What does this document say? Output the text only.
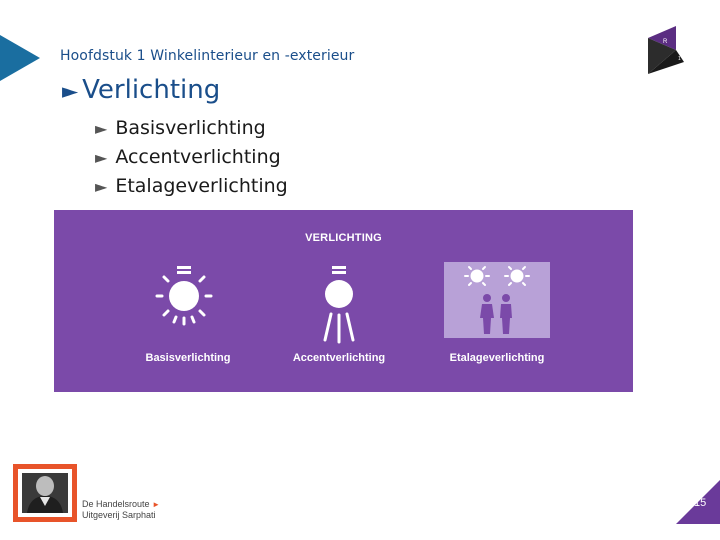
Hoofdstuk 1 Winkelinterieur en -exterieur
R
1
► Verlichting
► Basisverlichting
► Accentverlichting
► Etalageverlichting
VERLICHTING
Basisverlichting	Accentverlichting	Etalageverlichting
De Handelsroute ►
Uitgeverij Sarphati
15
